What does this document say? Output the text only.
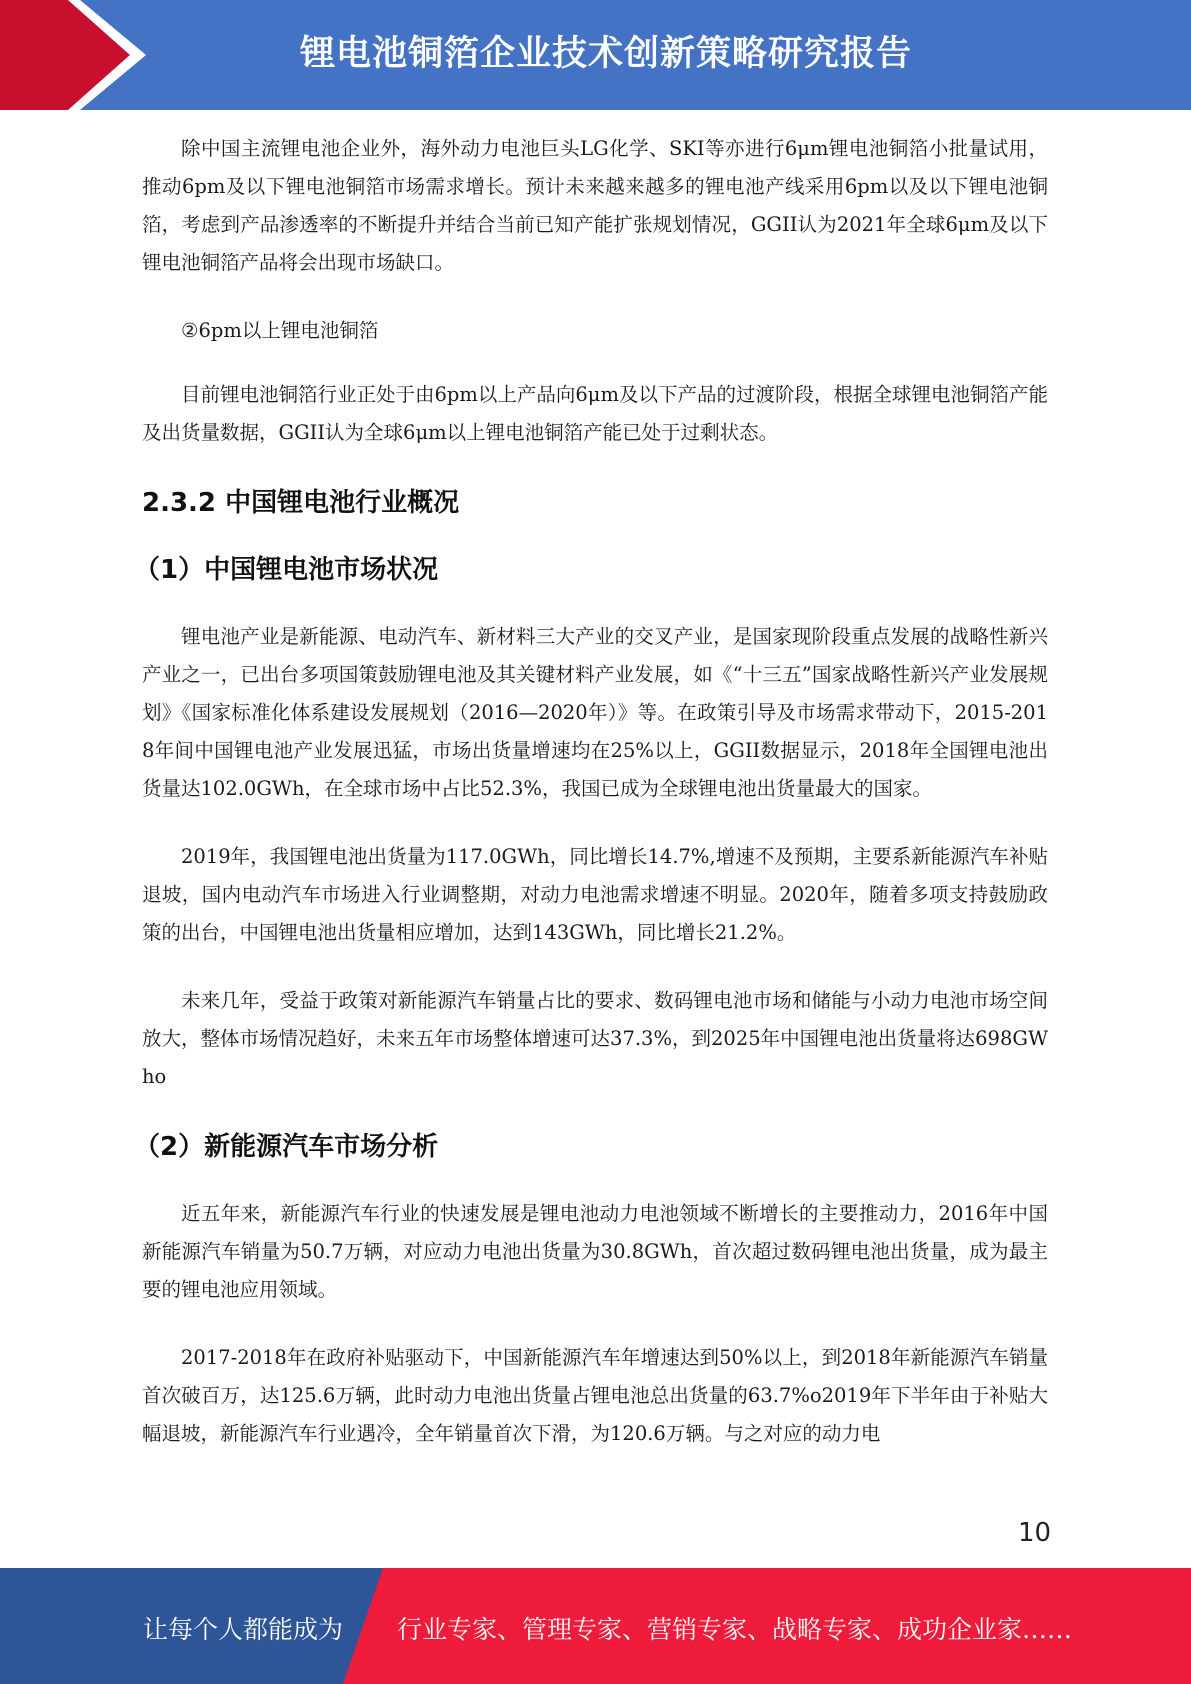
锂电池铜箔企业技术创新策略研究报告

除中国主流锂电池企业外，海外动力电池巨头LG化学、SKI等亦进行6μm锂电池铜箔小批量试用，推动6pm及以下锂电池铜箔市场需求增长。预计未来越来越多的锂电池产线采用6pm以及以下锂电池铜箔，考虑到产品渗透率的不断提升并结合当前已知产能扩张规划情况，GGII认为2021年全球6μm及以下锂电池铜箔产品将会出现市场缺口。

②6pm以上锂电池铜箔

目前锂电池铜箔行业正处于由6pm以上产品向6μm及以下产品的过渡阶段，根据全球锂电池铜箔产能及出货量数据，GGII认为全球6μm以上锂电池铜箔产能已处于过剩状态。

2.3.2 中国锂电池行业概况
（1）中国锂电池市场状况

锂电池产业是新能源、电动汽车、新材料三大产业的交叉产业，是国家现阶段重点发展的战略性新兴产业之一，已出台多项国策鼓励锂电池及其关键材料产业发展，如《“十三五”国家战略性新兴产业发展规划》《国家标准化体系建设发展规划（2016—2020年）》等。在政策引导及市场需求带动下，2015-2018年间中国锂电池产业发展迅猛，市场出货量增速均在25%以上，GGII数据显示，2018年全国锂电池出货量达102.0GWh，在全球市场中占比52.3%，我国已成为全球锂电池出货量最大的国家。

2019年，我国锂电池出货量为117.0GWh，同比增长14.7%,增速不及预期，主要系新能源汽车补贴退坡，国内电动汽车市场进入行业调整期，对动力电池需求增速不明显。2020年，随着多项支持鼓励政策的出台，中国锂电池出货量相应增加，达到143GWh，同比增长21.2%。

未来几年，受益于政策对新能源汽车销量占比的要求、数码锂电池市场和储能与小动力电池市场空间放大，整体市场情况趋好，未来五年市场整体增速可达37.3%，到2025年中国锂电池出货量将达698GWho

（2）新能源汽车市场分析

近五年来，新能源汽车行业的快速发展是锂电池动力电池领域不断增长的主要推动力，2016年中国新能源汽车销量为50.7万辆，对应动力电池出货量为30.8GWh，首次超过数码锂电池出货量，成为最主要的锂电池应用领域。

2017-2018年在政府补贴驱动下，中国新能源汽车年增速达到50%以上，到2018年新能源汽车销量首次破百万，达125.6万辆，此时动力电池出货量占锂电池总出货量的63.7%o2019年下半年由于补贴大幅退坡，新能源汽车行业遇冷，全年销量首次下滑，为120.6万辆。与之对应的动力电

10
让每个人都能成为 行业专家、管理专家、营销专家、战略专家、成功企业家……
